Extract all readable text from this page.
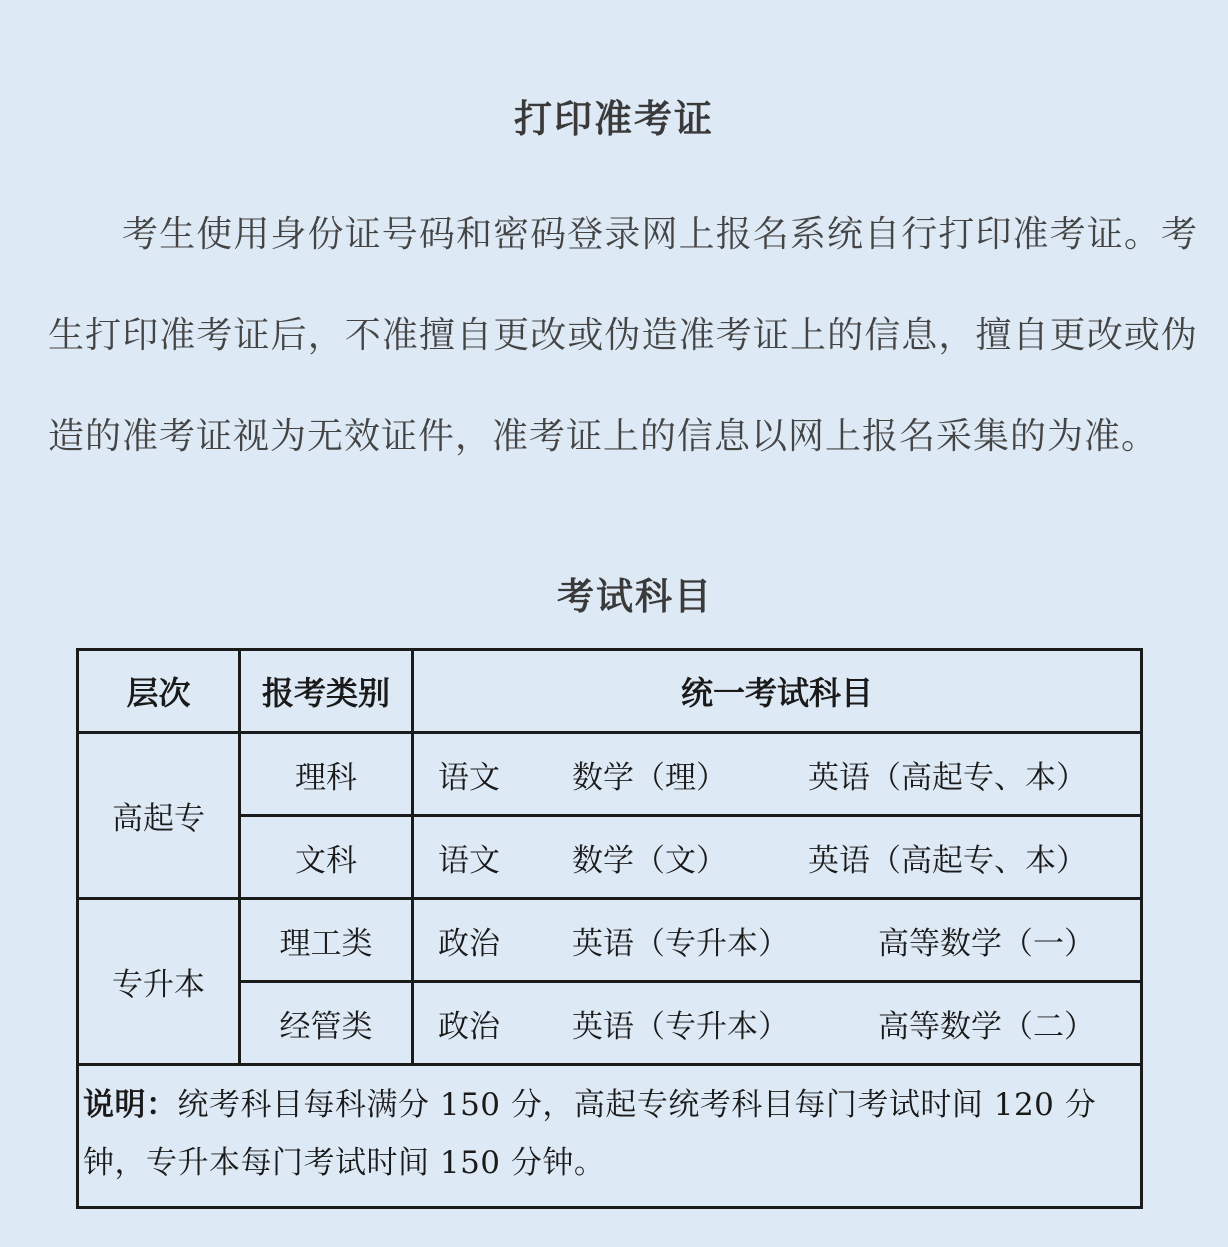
打印准考证
考生使用身份证号码和密码登录网上报名系统自行打印准考证。考生打印准考证后，不准擅自更改或伪造准考证上的信息，擅自更改或伪造的准考证视为无效证件，准考证上的信息以网上报名采集的为准。
考试科目
层次	报考类别	统一考试科目
高起专	理科	语文 数学（理） 英语（高起专、本）

	文科	语文 数学（文） 英语（高起专、本）

专升本	理工类	政治 英语（专升本） 高等数学（一）

	经管类	政治 英语（专升本） 高等数学（二）

说明：统考科目每科满分 150 分，高起专统考科目每门考试时间 120 分钟，专升本每门考试时间 150 分钟。		
